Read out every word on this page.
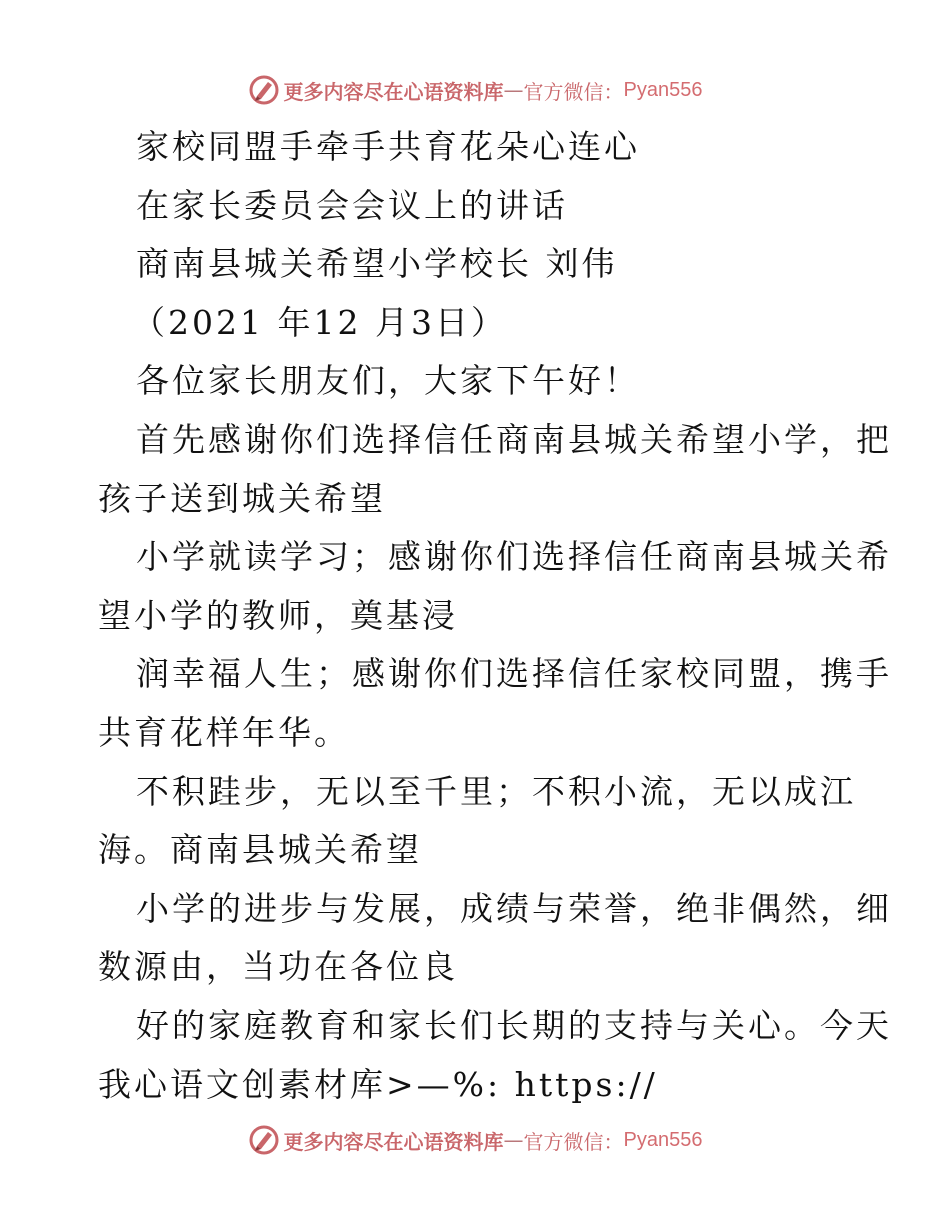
更多内容尽在心语资料库 — 官方微信： Pyan556
家校同盟手牵手共育花朵心连心
在家长委员会会议上的讲话
商南县城关希望小学校长 刘伟
（2021 年12 月3日）
各位家长朋友们，大家下午好！
首先感谢你们选择信任商南县城关希望小学，把
孩子送到城关希望
小学就读学习；感谢你们选择信任商南县城关希
望小学的教师，奠基浸
润幸福人生；感谢你们选择信任家校同盟，携手
共育花样年华。
不积跬步，无以至千里；不积小流，无以成江
海。商南县城关希望
小学的进步与发展，成绩与荣誉，绝非偶然，细
数源由，当功在各位良
好的家庭教育和家长们长期的支持与关心。今天
我心语文创素材库>—%: https://
更多内容尽在心语资料库 — 官方微信： Pyan556
